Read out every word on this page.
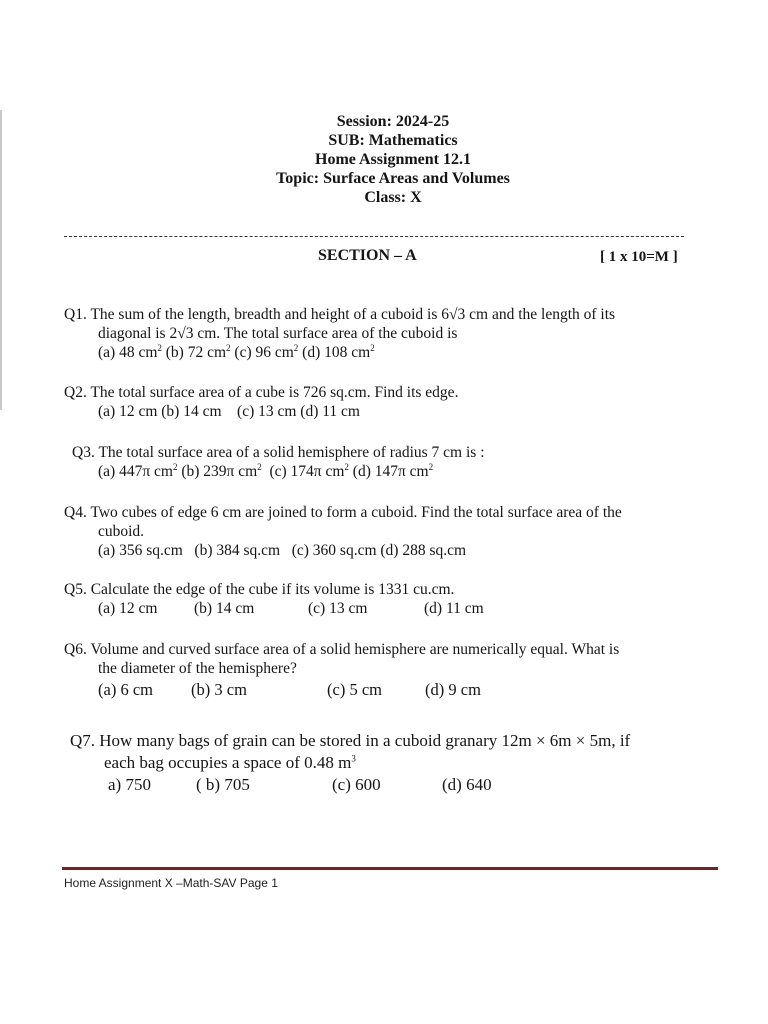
Session: 2024-25
SUB: Mathematics
Home Assignment 12.1
Topic: Surface Areas and Volumes
Class: X
SECTION – A	[ 1 x 10=M ]
Q1. The sum of the length, breadth and height of a cuboid is 6√3 cm and the length of its
diagonal is 2√3 cm. The total surface area of the cuboid is
(a) 48 $cm^2$ (b) 72 $cm^2$ (c) 96 $cm^2$ (d) 108 $cm^2$
Q2. The total surface area of a cube is 726 sq.cm. Find its edge.
(a) 12 cm (b) 14 cm (c) 13 cm (d) 11 cm
Q3. The total surface area of a solid hemisphere of radius 7 cm is :
(a) 447π $cm^2$ (b) 239π $cm^2$ (c) 174π $cm^2$ (d) 147π $cm^2$
Q4. Two cubes of edge 6 cm are joined to form a cuboid. Find the total surface area of the
cuboid.
(a) 356 sq.cm (b) 384 sq.cm (c) 360 sq.cm (d) 288 sq.cm
Q5. Calculate the edge of the cube if its volume is 1331 cu.cm.
(a) 12 cm (b) 14 cm	(c) 13 cm	(d) 11 cm
Q6. Volume and curved surface area of a solid hemisphere are numerically equal. What is
the diameter of the hemisphere?
(a) 6 cm (b) 3 cm	(c) 5 cm	(d) 9 cm
Q7. How many bags of grain can be stored in a cuboid granary 12m × 6m × 5m, if
each bag occupies a space of 0.48 $m^3$
a) 750	( b) 705	(c) 600	(d) 640
Home Assignment X –Math-SAV Page 1
